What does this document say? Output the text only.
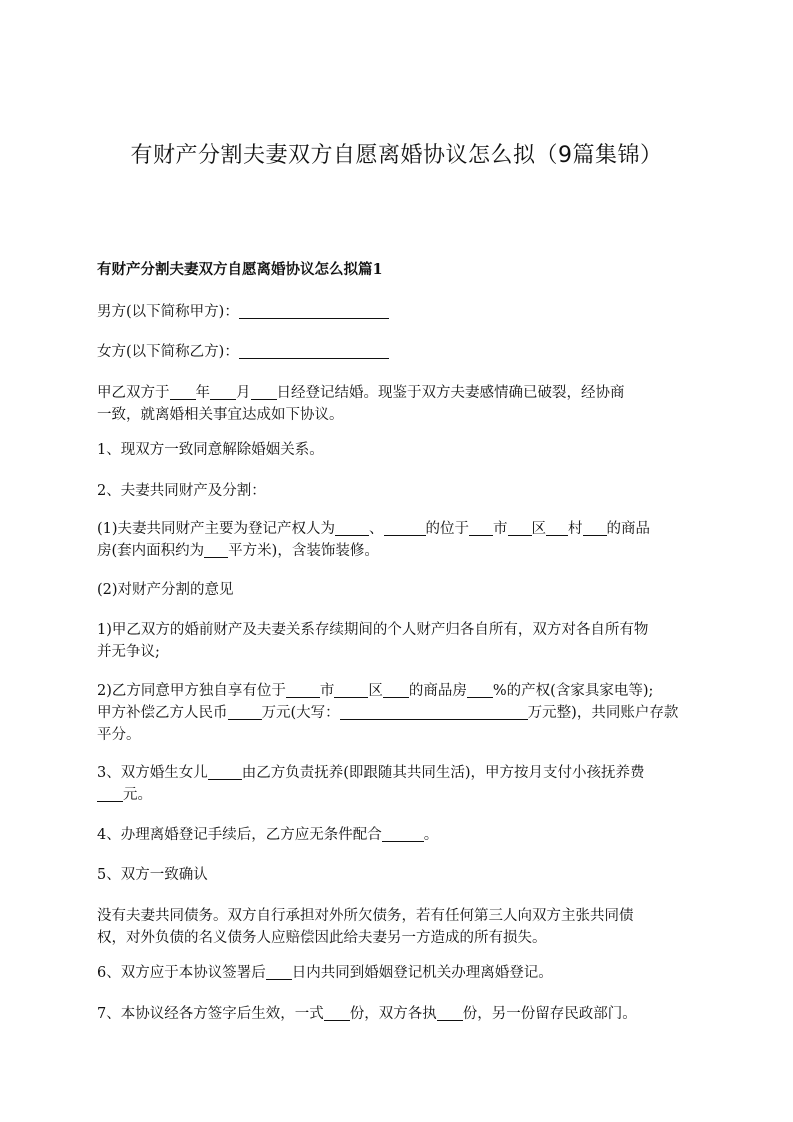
有财产分割夫妻双方自愿离婚协议怎么拟（9篇集锦）
有财产分割夫妻双方自愿离婚协议怎么拟篇1
男方(以下简称甲方)：
女方(以下简称乙方)：
甲乙双方于 年 月 日经登记结婚。现鉴于双方夫妻感情确已破裂，经协商
一致，就离婚相关事宜达成如下协议。
1、现双方一致同意解除婚姻关系。
2、夫妻共同财产及分割：
(1)夫妻共同财产主要为登记产权人为 、	的位于 市 区 村 的商品
房(套内面积约为 平方米)，含装饰装修。
(2)对财产分割的意见
1)甲乙双方的婚前财产及夫妻关系存续期间的个人财产归各自所有，双方对各自所有物
并无争议;
2)乙方同意甲方独自享有位于 市 区 的商品房 %的产权(含家具家电等);
甲方补偿乙方人民币 万元(大写：	万元整)，共同账户存款
平分。
3、双方婚生女儿 由乙方负责抚养(即跟随其共同生活)，甲方按月支付小孩抚养费
元。
4、办理离婚登记手续后，乙方应无条件配合	。
5、双方一致确认
没有夫妻共同债务。双方自行承担对外所欠债务，若有任何第三人向双方主张共同债
权，对外负债的名义债务人应赔偿因此给夫妻另一方造成的所有损失。
6、双方应于本协议签署后 日内共同到婚姻登记机关办理离婚登记。
7、本协议经各方签字后生效，一式 份，双方各执 份，另一份留存民政部门。
